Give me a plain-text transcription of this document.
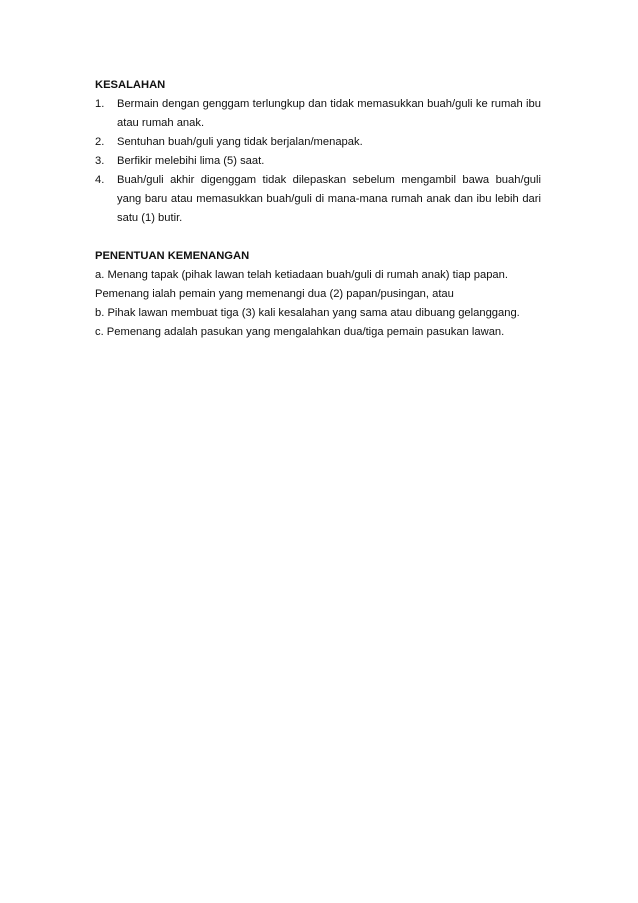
KESALAHAN

1. Bermain dengan genggam terlungkup dan tidak memasukkan buah/guli ke rumah ibu atau rumah anak.
2. Sentuhan buah/guli yang tidak berjalan/menapak.
3. Berfikir melebihi lima (5) saat.
4. Buah/guli akhir digenggam tidak dilepaskan sebelum mengambil bawa buah/guli yang baru atau memasukkan buah/guli di mana-mana rumah anak dan ibu lebih dari satu (1) butir.

PENENTUAN KEMENANGAN

a. Menang tapak (pihak lawan telah ketiadaan buah/guli di rumah anak) tiap papan.

Pemenang ialah pemain yang memenangi dua (2) papan/pusingan, atau

b. Pihak lawan membuat tiga (3) kali kesalahan yang sama atau dibuang gelanggang.

c. Pemenang adalah pasukan yang mengalahkan dua/tiga pemain pasukan lawan.
